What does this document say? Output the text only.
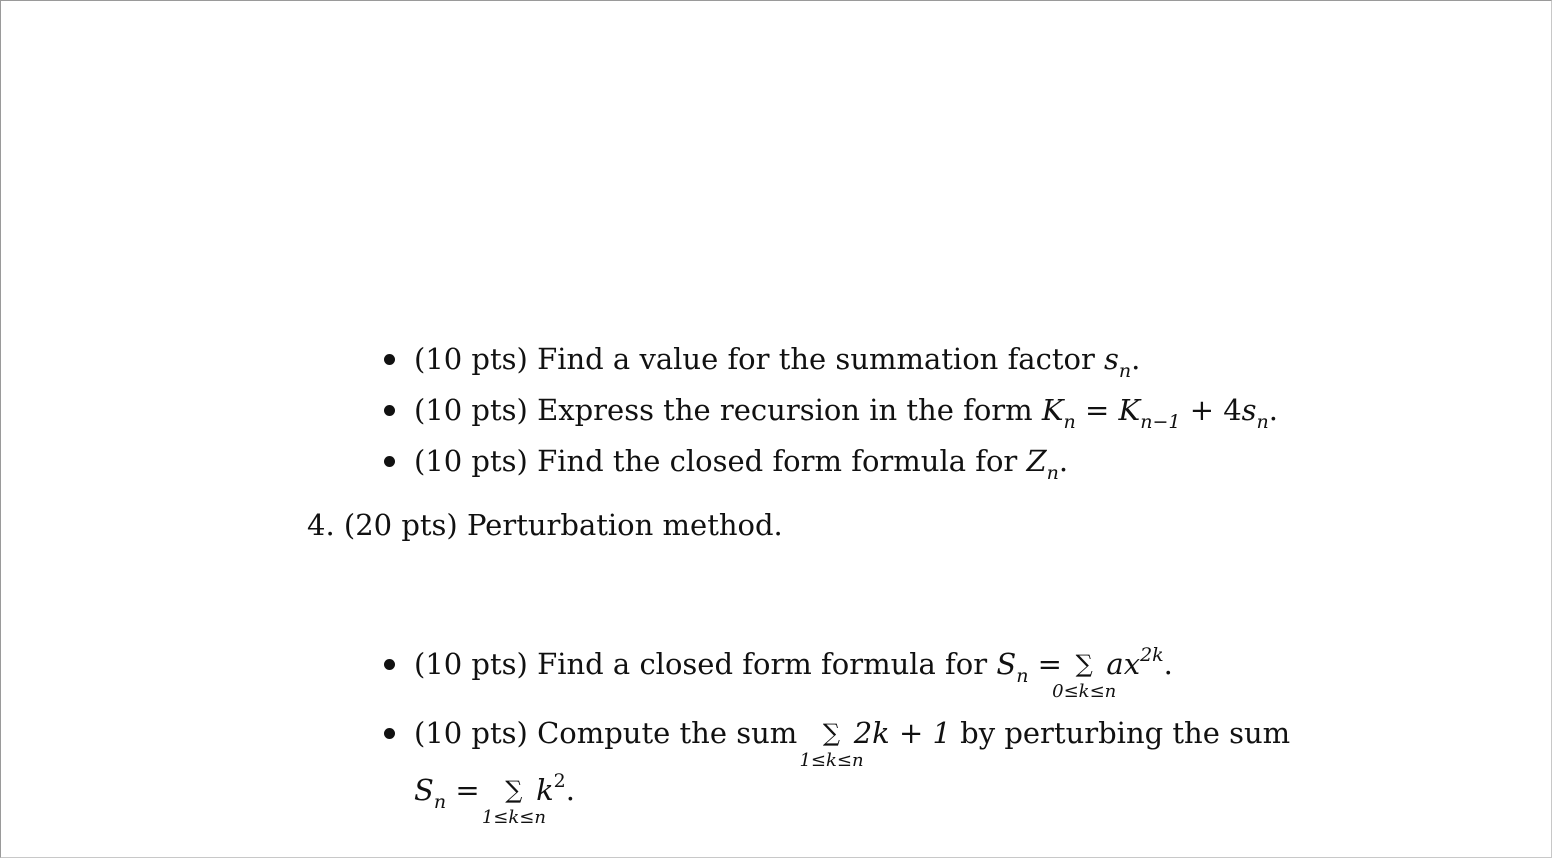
(10 pts) Find a value for the summation factor $s_n$.
(10 pts) Express the recursion in the form $K_n = K_{n-1} + 4s_n$.
(10 pts) Find the closed form formula for $Z_n$.
4. (20 pts) Perturbation method.
(10 pts) Find a closed form formula for $S_n$ = ∑
0≤k≤n
$ax^{2k}$.
(10 pts) Compute the sum ∑
1≤k≤n
2k + 1 by perturbing the sum
$S_n$ = ∑
1≤k≤n
$k^2$.
